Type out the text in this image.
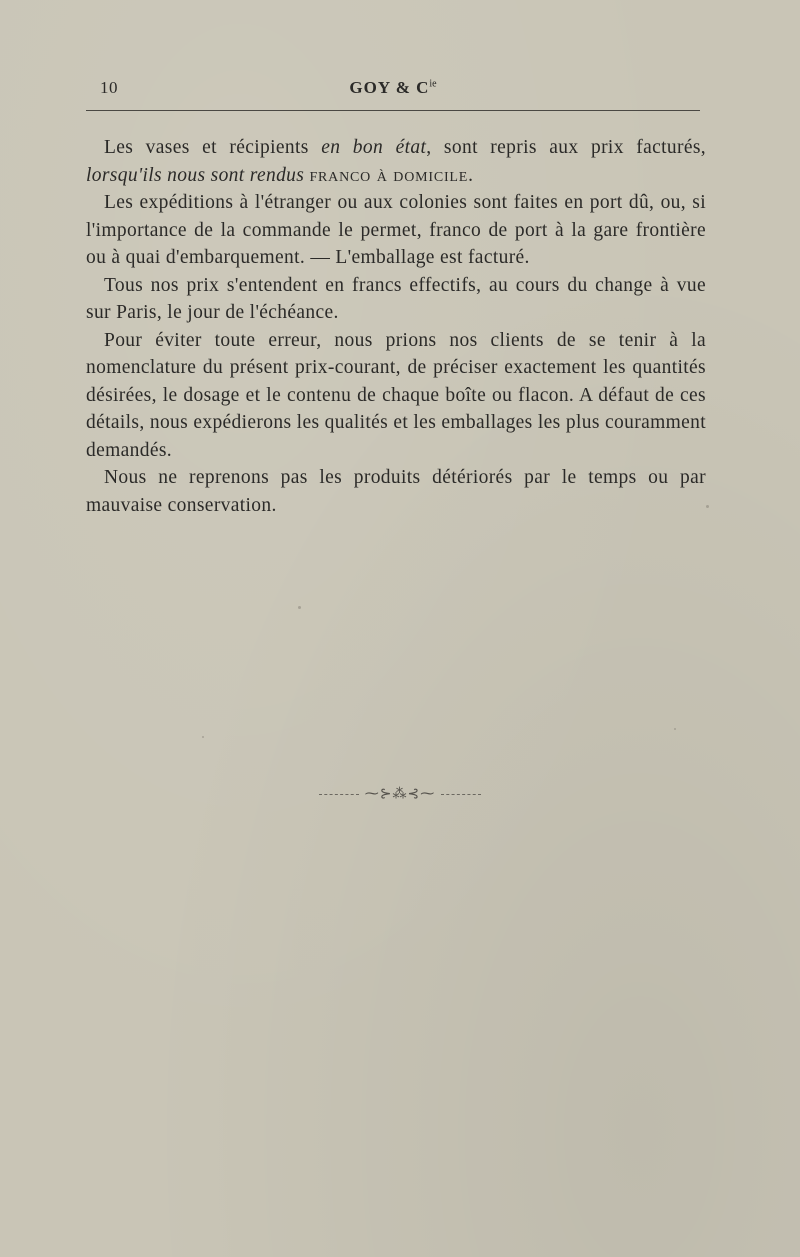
10	GOY & $C^{ie}$

Les vases et récipients en bon état, sont repris aux prix facturés, lorsqu'ils nous sont rendus franco à domicile.

Les expéditions à l'étranger ou aux colonies sont faites en port dû, ou, si l'importance de la commande le permet, franco de port à la gare frontière ou à quai d'embarquement. — L'emballage est facturé.

Tous nos prix s'entendent en francs effectifs, au cours du change à vue sur Paris, le jour de l'échéance.

Pour éviter toute erreur, nous prions nos clients de se tenir à la nomenclature du présent prix-courant, de préciser exactement les quantités désirées, le dosage et le contenu de chaque boîte ou flacon. A défaut de ces détails, nous expédierons les qualités et les emballages les plus couramment demandés.

Nous ne reprenons pas les produits détériorés par le temps ou par mauvaise conservation.

⁓⊱⁂⊰⁓
